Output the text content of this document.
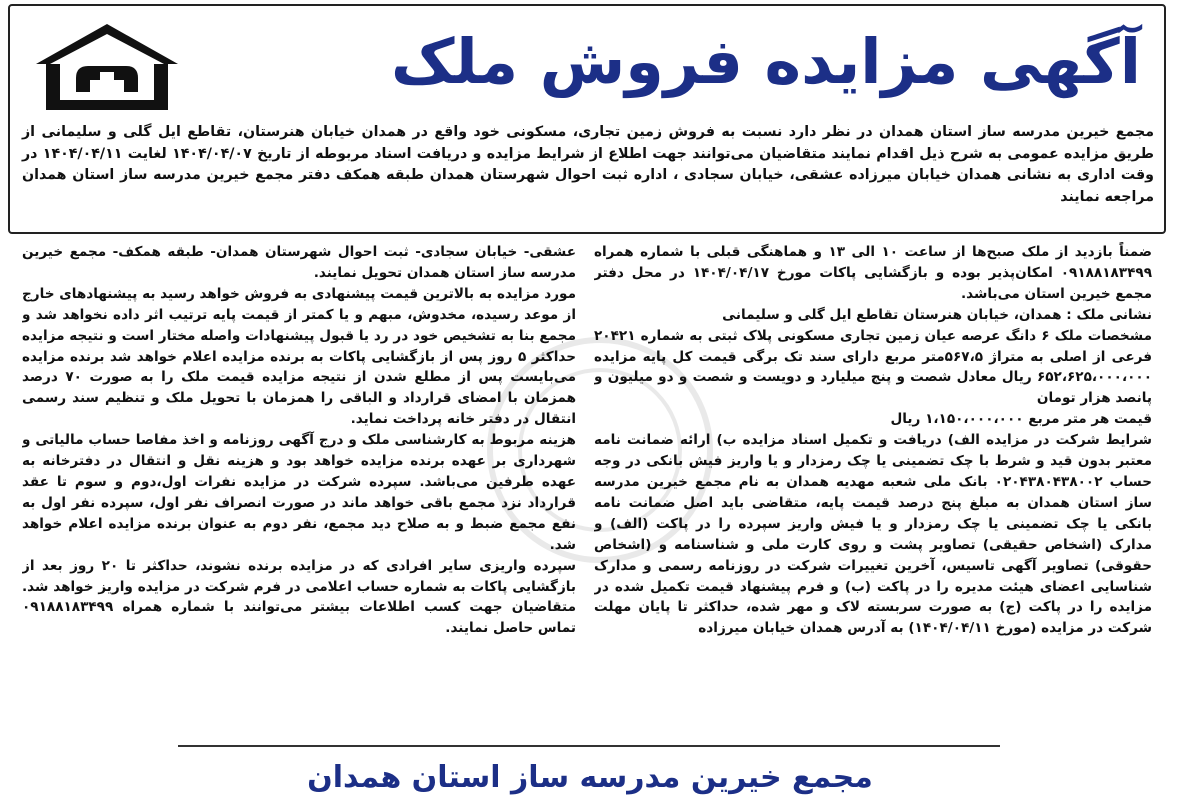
آگهی مزایده فروش ملک
مجمع خیرین مدرسه ساز استان همدان در نظر دارد نسبت به فروش زمین تجاری، مسکونی خود واقع در همدان خیابان هنرستان، تقاطع ایل گلی و سلیمانی از طریق مزایده عمومی به شرح ذیل اقدام نمایند متقاضیان می‌توانند جهت اطلاع از شرایط مزایده و دریافت اسناد مربوطه از تاریخ ۱۴۰۴/۰۴/۰۷ لغایت ۱۴۰۴/۰۴/۱۱ در وقت اداری به نشانی همدان خیابان میرزاده عشقی، خیابان سجادی ، اداره ثبت احوال شهرستان همدان طبقه همکف دفتر مجمع خیرین مدرسه ساز استان همدان مراجعه نمایند

ضمناً بازدید از ملک صبح‌ها از ساعت ۱۰ الی ۱۳ و هماهنگی قبلی با شماره همراه ۰۹۱۸۸۱۸۳۴۹۹ امکان‌پذیر بوده و بازگشایی پاکات مورخ ۱۴۰۴/۰۴/۱۷ در محل دفتر مجمع خیرین استان می‌باشد.

نشانی ملک : همدان، خیابان هنرستان تقاطع ایل گلی و سلیمانی

مشخصات ملک ۶ دانگ عرصه عیان زمین تجاری مسکونی پلاک ثبتی به شماره ۲۰۴۲۱ فرعی از اصلی به متراژ ۵۶۷،۵متر مربع دارای سند تک برگی قیمت کل پایه مزایده ۶۵۲،۶۲۵،۰۰۰،۰۰۰ ریال معادل شصت و پنج میلیارد و دویست و شصت و دو میلیون و پانصد هزار تومان

قیمت هر متر مربع ۱،۱۵۰،۰۰۰،۰۰۰ ریال

شرایط شرکت در مزایده الف) دریافت و تکمیل اسناد مزایده ب) ارائه ضمانت نامه معتبر بدون قید و شرط با چک تضمینی یا چک رمزدار و یا واریز فیش بانکی در وجه حساب ۰۲۰۴۳۸۰۴۳۸۰۰۲ بانک ملی شعبه مهدیه همدان به نام مجمع خیرین مدرسه ساز استان همدان به مبلغ پنج درصد قیمت پایه، متقاضی باید اصل ضمانت نامه بانکی یا چک تضمینی یا چک رمزدار و یا فیش واریز سپرده را در پاکت (الف) و مدارک (اشخاص حقیقی) تصاویر پشت و روی کارت ملی و شناسنامه و (اشخاص حقوقی) تصاویر آگهی تاسیس، آخرین تغییرات شرکت در روزنامه رسمی و مدارک شناسایی اعضای هیئت مدیره را در پاکت (ب) و فرم پیشنهاد قیمت تکمیل شده در مزایده را در پاکت (ج) به صورت سربسته لاک و مهر شده، حداکثر تا پایان مهلت شرکت در مزایده (مورخ ۱۴۰۴/۰۴/۱۱) به آدرس همدان خیابان میرزاده

عشقی- خیابان سجادی- ثبت احوال شهرستان همدان- طبقه همکف- مجمع خیرین مدرسه ساز استان همدان تحویل نمایند.

مورد مزایده به بالاترین قیمت پیشنهادی به فروش خواهد رسید به پیشنهادهای خارج از موعد رسیده، مخدوش، مبهم و یا کمتر از قیمت پایه ترتیب اثر داده نخواهد شد و مجمع بنا به تشخیص خود در رد یا قبول پیشنهادات واصله مختار است و نتیجه مزایده حداکثر ۵ روز پس از بازگشایی پاکات به برنده مزایده اعلام خواهد شد برنده مزایده می‌بایست پس از مطلع شدن از نتیجه مزایده قیمت ملک را به صورت ۷۰ درصد همزمان با امضای قرارداد و الباقی را همزمان با تحویل ملک و تنظیم سند رسمی انتقال در دفتر خانه پرداخت نماید.

هزینه مربوط به کارشناسی ملک و درج آگهی روزنامه و اخذ مفاصا حساب مالیاتی و شهرداری بر عهده برنده مزایده خواهد بود و هزینه نقل و انتقال در دفترخانه به عهده طرفین می‌باشد. سپرده شرکت در مزایده نفرات اول،دوم و سوم تا عقد قرارداد نزد مجمع باقی خواهد ماند در صورت انصراف نفر اول، سپرده نفر اول به نفع مجمع ضبط و به صلاح دید مجمع، نفر دوم به عنوان برنده مزایده اعلام خواهد شد.

سپرده واریزی سایر افرادی که در مزایده برنده نشوند، حداکثر تا ۲۰ روز بعد از بازگشایی پاکات به شماره حساب اعلامی در فرم شرکت در مزایده واریز خواهد شد. متقاضیان جهت کسب اطلاعات بیشتر می‌توانند با شماره همراه ۰۹۱۸۸۱۸۳۴۹۹ تماس حاصل نمایند.

مجمع خیرین مدرسه ساز استان همدان
